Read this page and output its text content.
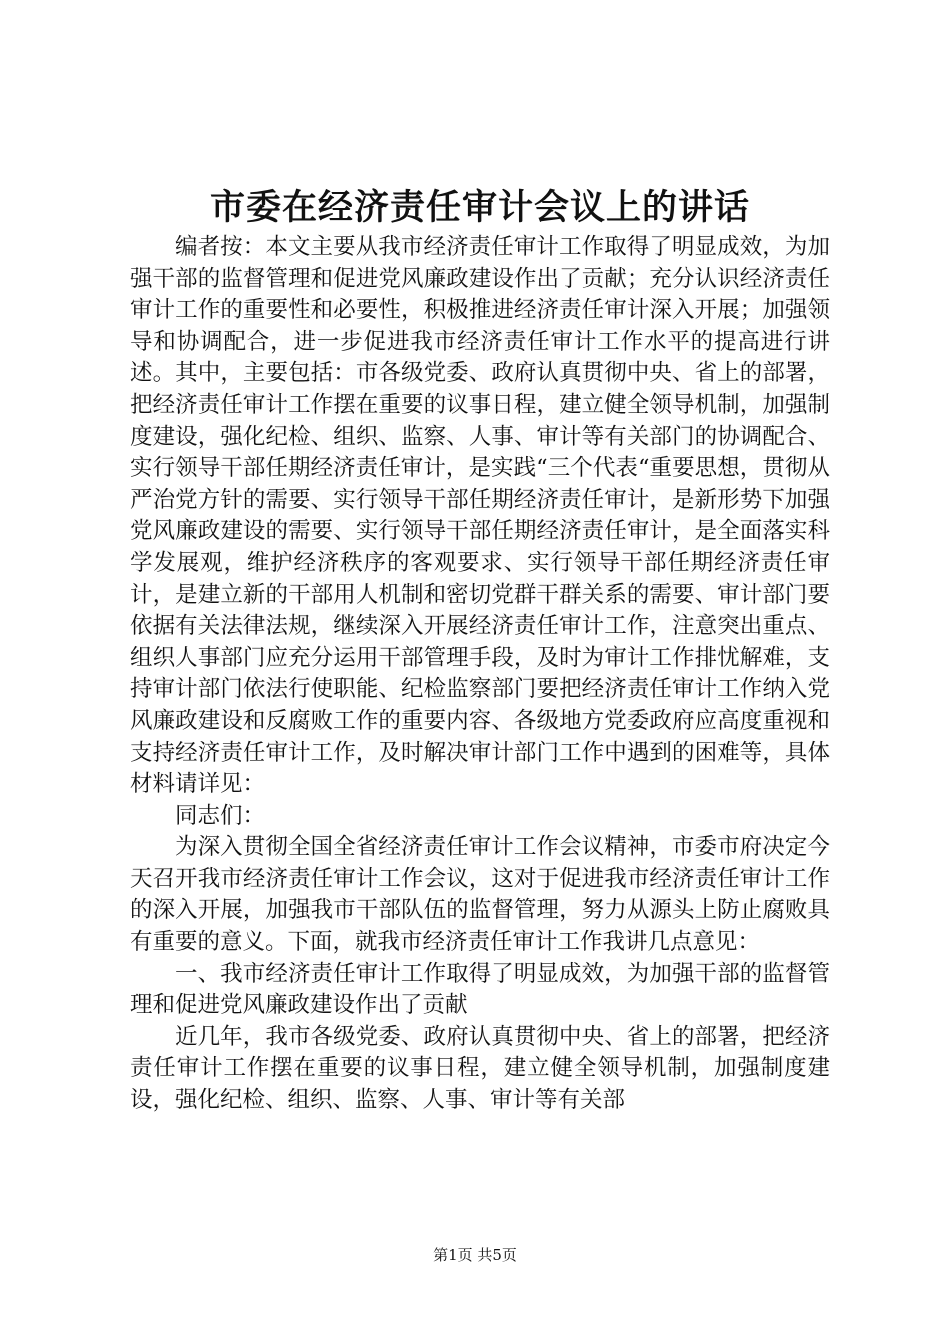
市委在经济责任审计会议上的讲话

编者按：本文主要从我市经济责任审计工作取得了明显成效，为加强干部的监督管理和促进党风廉政建设作出了贡献；充分认识经济责任审计工作的重要性和必要性，积极推进经济责任审计深入开展；加强领导和协调配合，进一步促进我市经济责任审计工作水平的提高进行讲述。其中，主要包括：市各级党委、政府认真贯彻中央、省上的部署，把经济责任审计工作摆在重要的议事日程，建立健全领导机制，加强制度建设，强化纪检、组织、监察、人事、审计等有关部门的协调配合、实行领导干部任期经济责任审计，是实践“三个代表“重要思想，贯彻从严治党方针的需要、实行领导干部任期经济责任审计，是新形势下加强党风廉政建设的需要、实行领导干部任期经济责任审计，是全面落实科学发展观，维护经济秩序的客观要求、实行领导干部任期经济责任审计，是建立新的干部用人机制和密切党群干群关系的需要、审计部门要依据有关法律法规，继续深入开展经济责任审计工作，注意突出重点、组织人事部门应充分运用干部管理手段，及时为审计工作排忧解难，支持审计部门依法行使职能、纪检监察部门要把经济责任审计工作纳入党风廉政建设和反腐败工作的重要内容、各级地方党委政府应高度重视和支持经济责任审计工作，及时解决审计部门工作中遇到的困难等，具体材料请详见：

同志们：

为深入贯彻全国全省经济责任审计工作会议精神，市委市府决定今天召开我市经济责任审计工作会议，这对于促进我市经济责任审计工作的深入开展，加强我市干部队伍的监督管理，努力从源头上防止腐败具有重要的意义。下面，就我市经济责任审计工作我讲几点意见：

一、我市经济责任审计工作取得了明显成效，为加强干部的监督管理和促进党风廉政建设作出了贡献

近几年，我市各级党委、政府认真贯彻中央、省上的部署，把经济责任审计工作摆在重要的议事日程，建立健全领导机制，加强制度建设，强化纪检、组织、监察、人事、审计等有关部

第1页 共5页
